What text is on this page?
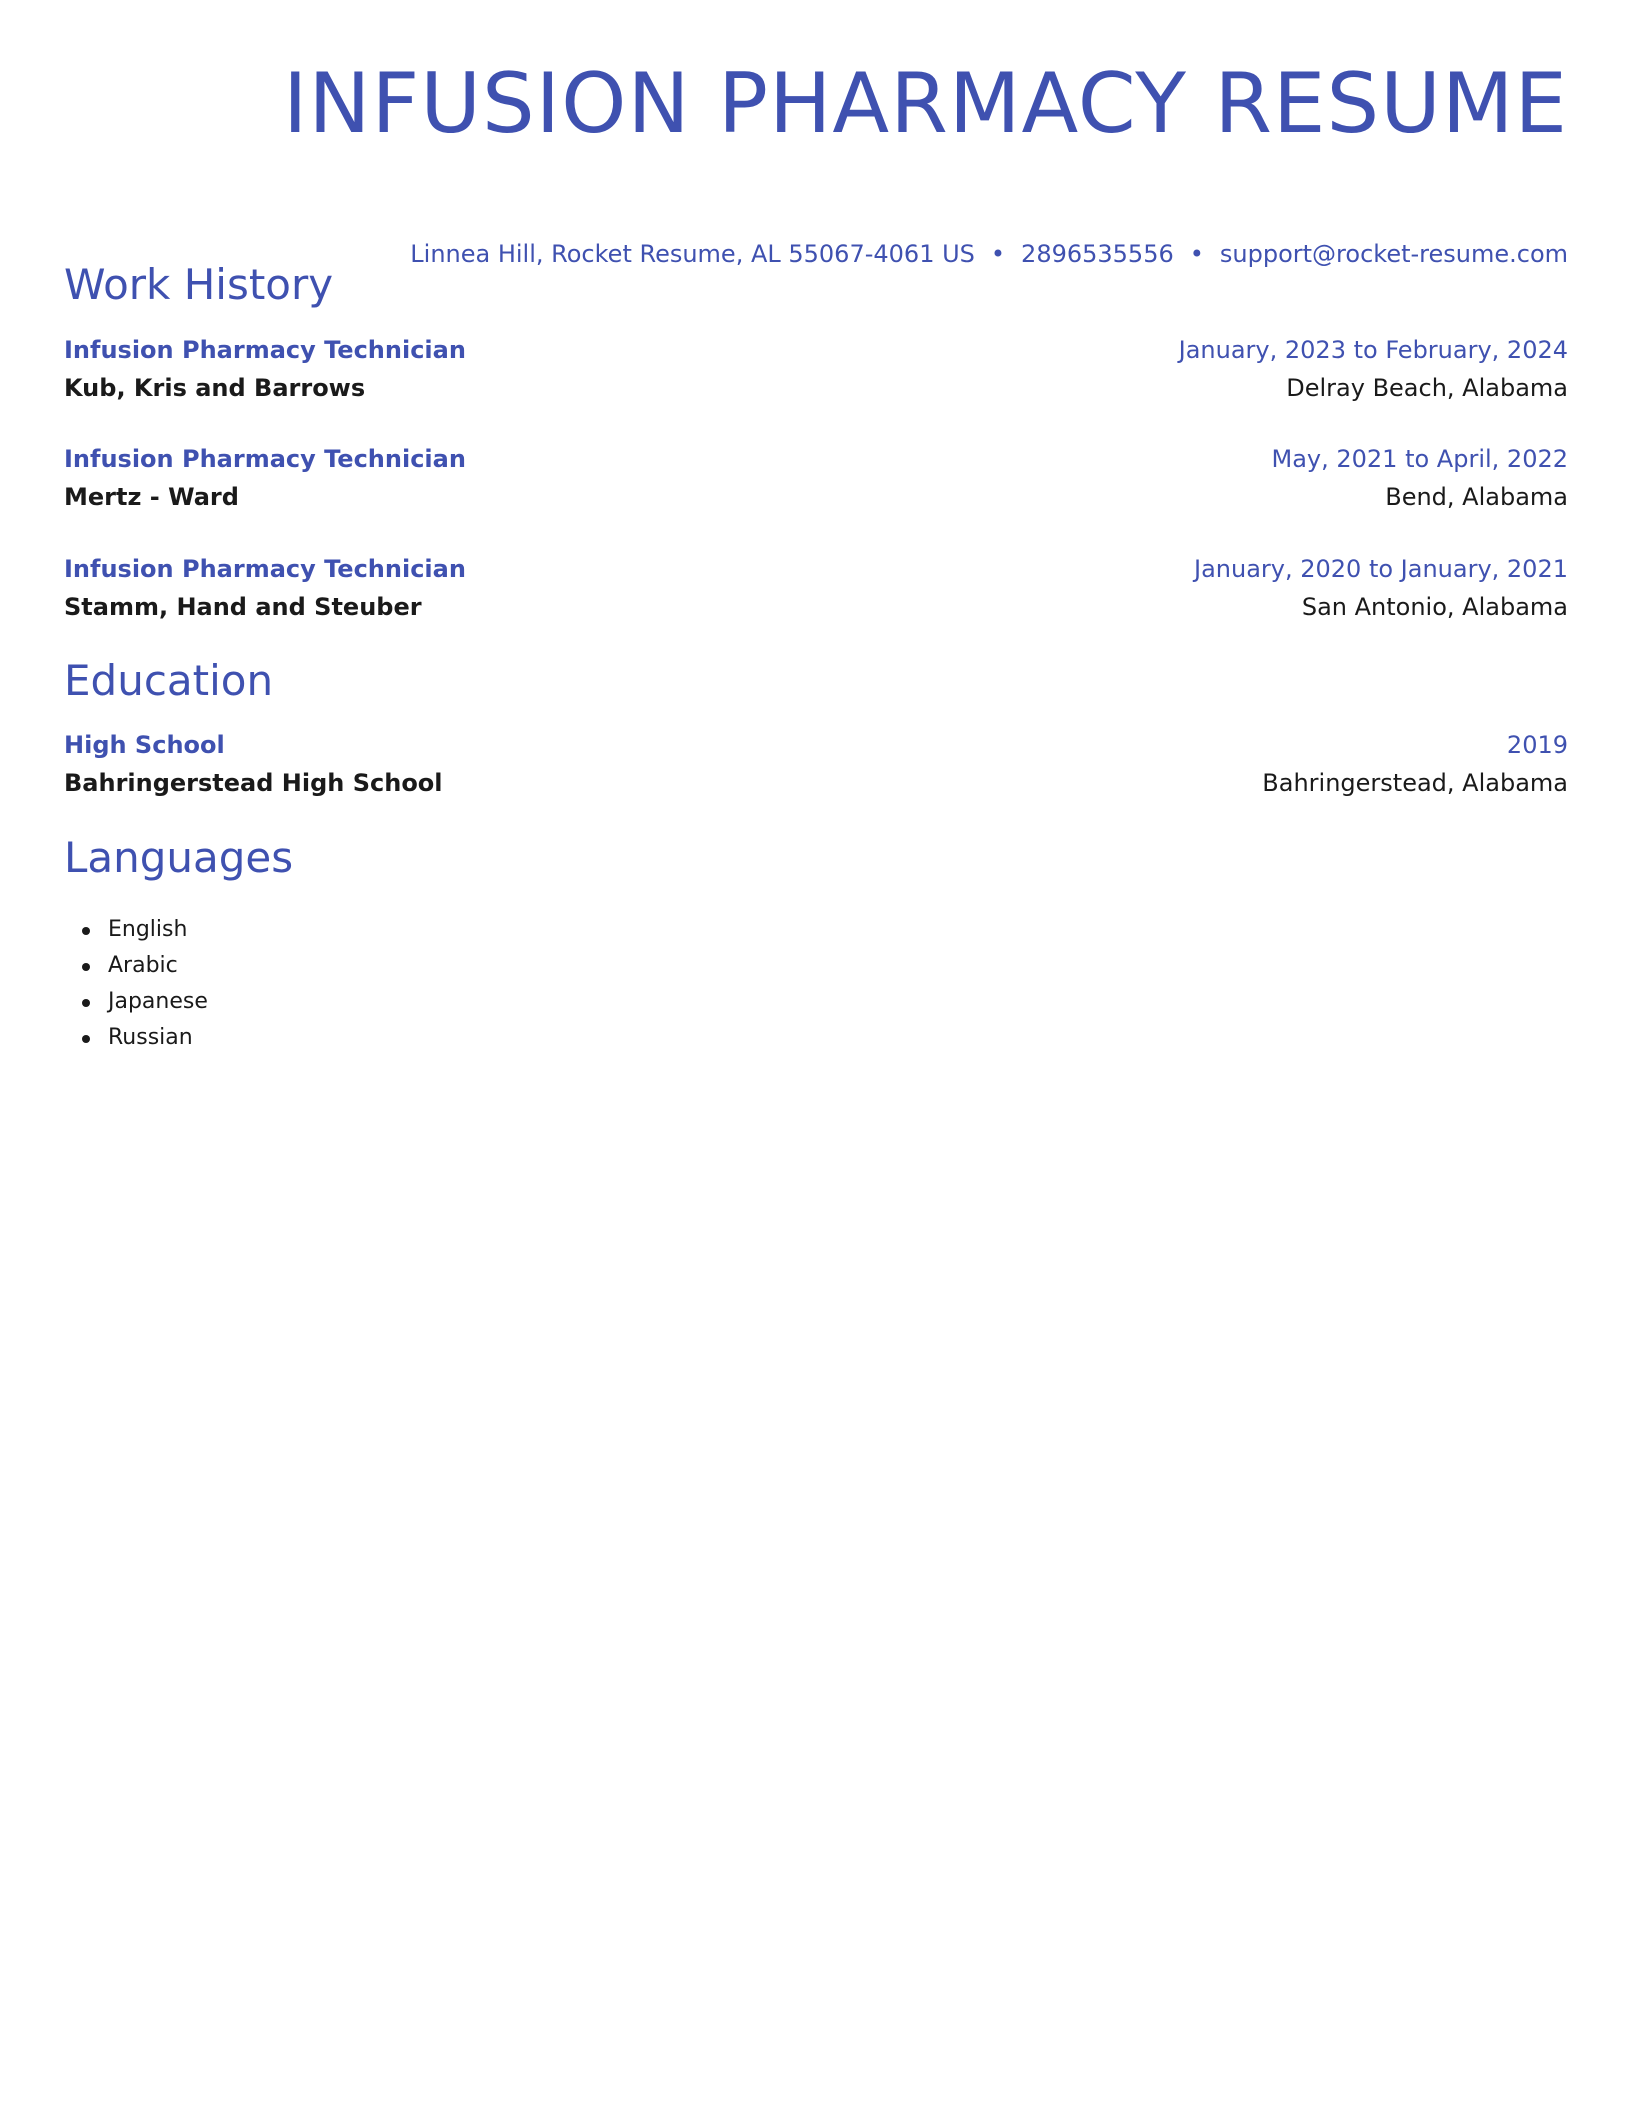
INFUSION PHARMACY RESUME
Linnea Hill, Rocket Resume, AL 55067-4061 US • 2896535556 • support@rocket-resume.com
Work History
Infusion Pharmacy Technician	January, 2023 to February, 2024
Kub, Kris and Barrows	Delray Beach, Alabama
Infusion Pharmacy Technician	May, 2021 to April, 2022
Mertz - Ward	Bend, Alabama
Infusion Pharmacy Technician	January, 2020 to January, 2021
Stamm, Hand and Steuber	San Antonio, Alabama
Education
High School	2019
Bahringerstead High School	Bahringerstead, Alabama
Languages
English
Arabic
Japanese
Russian
